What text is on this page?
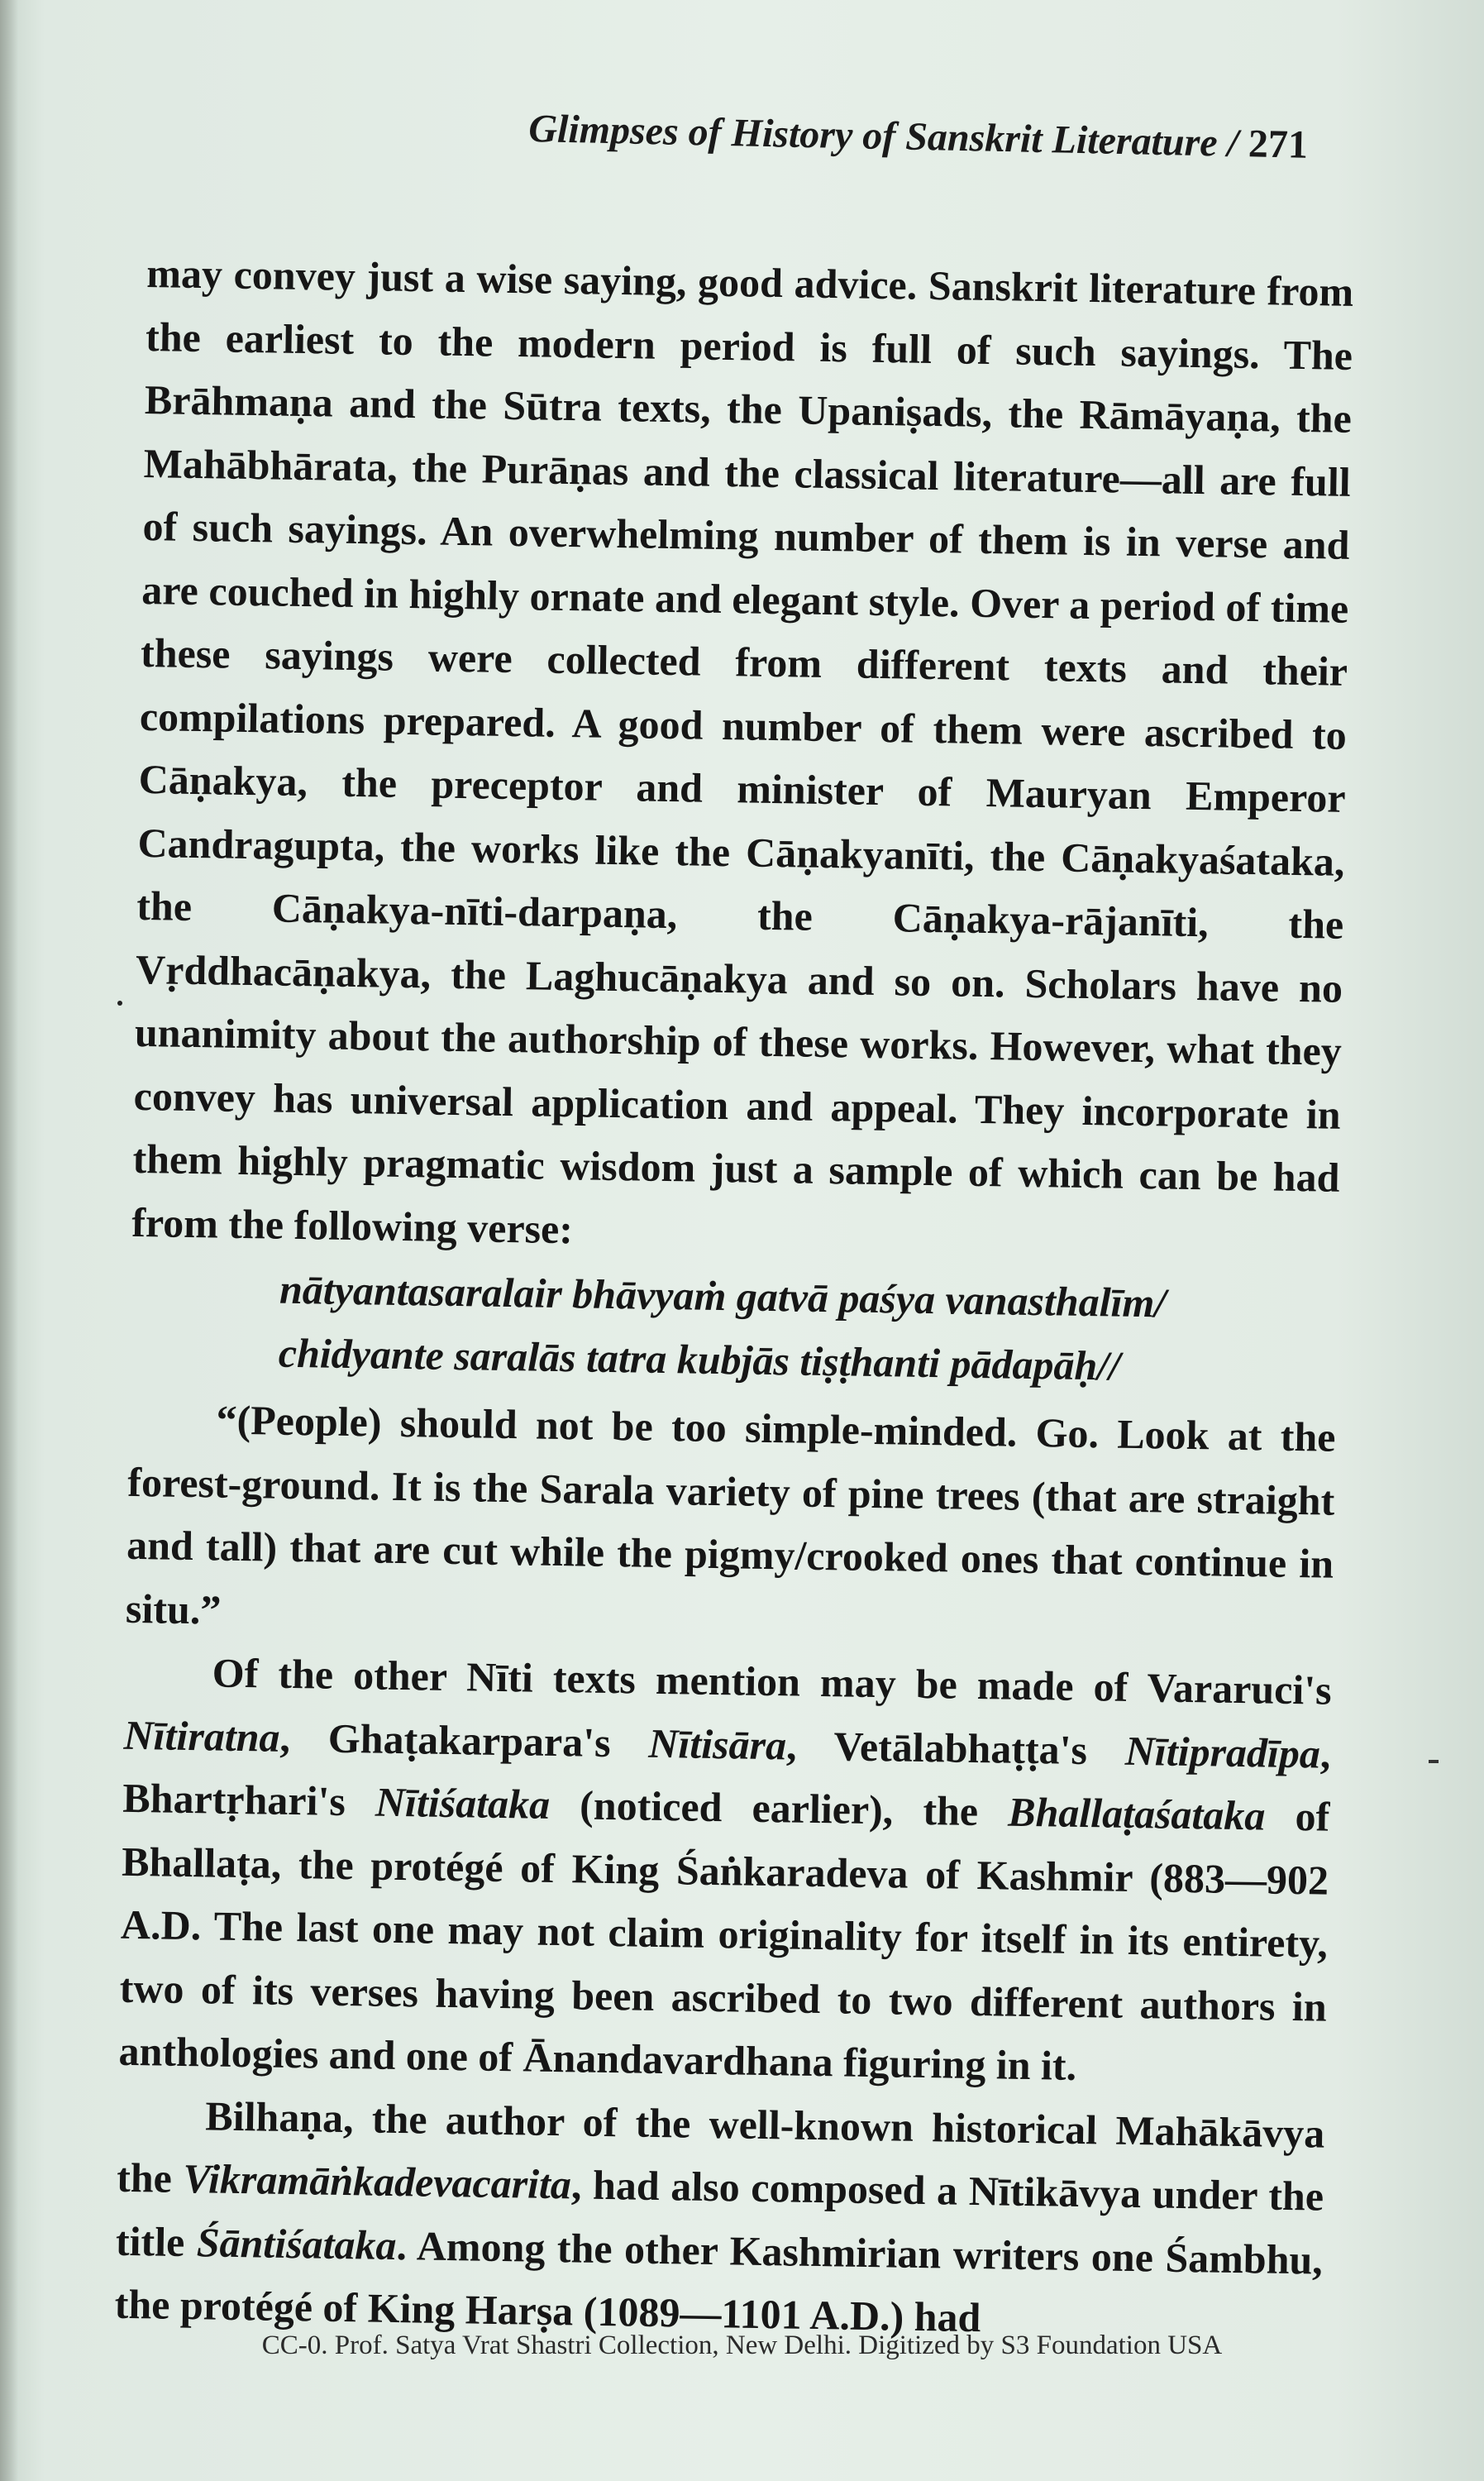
Glimpses of History of Sanskrit Literature / 271

may convey just a wise saying, good advice. Sanskrit literature from the earliest to the modern period is full of such sayings. The Brāhmaṇa and the Sūtra texts, the Upaniṣads, the Rāmāyaṇa, the Mahābhārata, the Purāṇas and the classical literature—all are full of such sayings. An overwhelming number of them is in verse and are couched in highly ornate and elegant style. Over a period of time these sayings were collected from different texts and their compilations prepared. A good number of them were ascribed to Cāṇakya, the preceptor and minister of Mauryan Emperor Candragupta, the works like the Cāṇakyanīti, the Cāṇakyaśataka, the Cāṇakya-nīti-darpaṇa, the Cāṇakya-rājanīti, the Vṛddhacāṇakya, the Laghucāṇakya and so on. Scholars have no unanimity about the authorship of these works. However, what they convey has universal application and appeal. They incorporate in them highly pragmatic wisdom just a sample of which can be had from the following verse:

nātyantasaralair bhāvyaṁ gatvā paśya vanasthalīm/
chidyante saralās tatra kubjās tiṣṭhanti pādapāḥ//

“(People) should not be too simple-minded. Go. Look at the forest-ground. It is the Sarala variety of pine trees (that are straight and tall) that are cut while the pigmy/crooked ones that continue in situ.”

Of the other Nīti texts mention may be made of Vararuci's Nītiratna, Ghaṭakarpara's Nītisāra, Vetālabhaṭṭa's Nītipradīpa, Bhartṛhari's Nītiśataka (noticed earlier), the Bhallaṭaśataka of Bhallaṭa, the protégé of King Śaṅkaradeva of Kashmir (883—902 A.D. The last one may not claim originality for itself in its entirety, two of its verses having been ascribed to two different authors in anthologies and one of Ānandavardhana figuring in it.

Bilhaṇa, the author of the well-known historical Mahākāvya the Vikramāṅkadevacarita, had also composed a Nītikāvya under the title Śāntiśataka. Among the other Kashmirian writers one Śambhu, the protégé of King Harṣa (1089—1101 A.D.) had

CC-0. Prof. Satya Vrat Shastri Collection, New Delhi. Digitized by S3 Foundation USA
